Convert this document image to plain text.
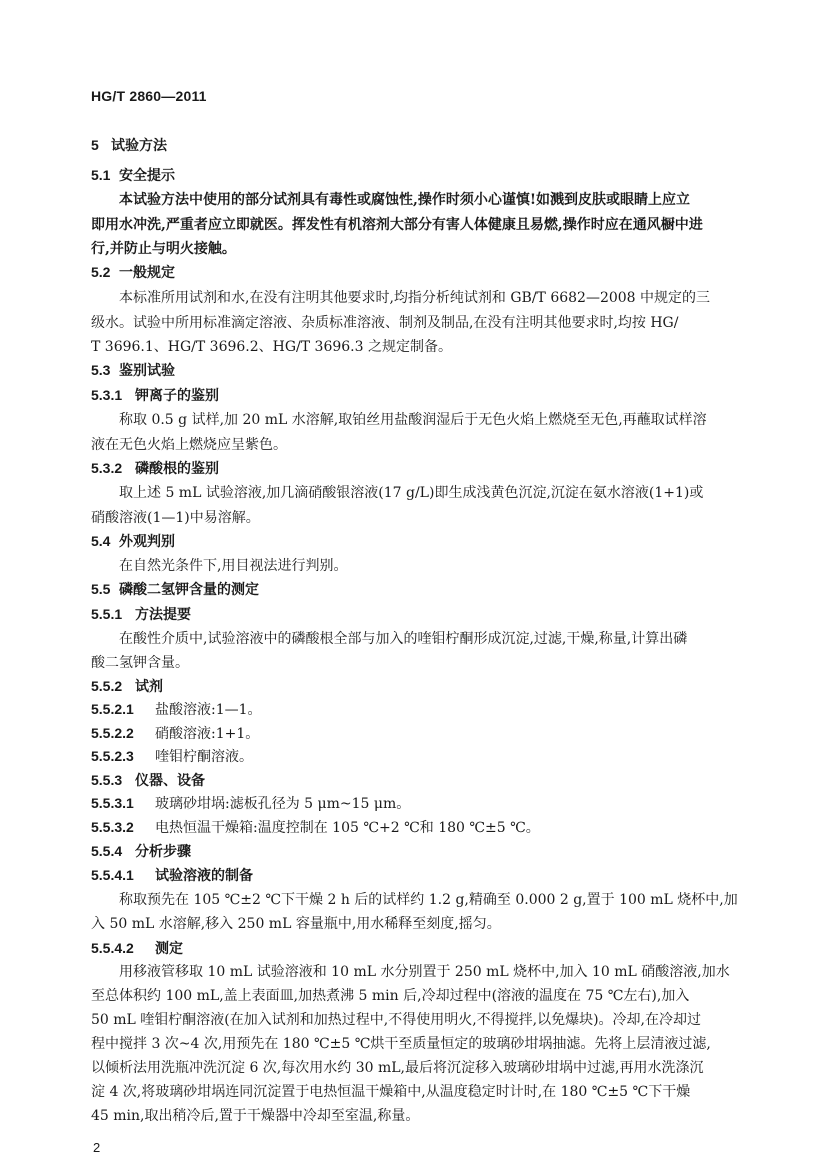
HG/T 2860—2011
5 试验方法
5.1 安全提示
本试验方法中使用的部分试剂具有毒性或腐蚀性,操作时须小心谨慎!如溅到皮肤或眼睛上应立
即用水冲洗,严重者应立即就医。挥发性有机溶剂大部分有害人体健康且易燃,操作时应在通风橱中进
行,并防止与明火接触。
5.2 一般规定
本标准所用试剂和水,在没有注明其他要求时,均指分析纯试剂和 GB/T 6682—2008 中规定的三
级水。试验中所用标准滴定溶液、杂质标准溶液、制剂及制品,在没有注明其他要求时,均按 HG/
T 3696.1、HG/T 3696.2、HG/T 3696.3 之规定制备。
5.3 鉴别试验
5.3.1 钾离子的鉴别
称取 0.5 g 试样,加 20 mL 水溶解,取铂丝用盐酸润湿后于无色火焰上燃烧至无色,再蘸取试样溶
液在无色火焰上燃烧应呈紫色。
5.3.2 磷酸根的鉴别
取上述 5 mL 试验溶液,加几滴硝酸银溶液(17 g/L)即生成浅黄色沉淀,沉淀在氨水溶液(1+1)或
硝酸溶液(1—1)中易溶解。
5.4 外观判别
在自然光条件下,用目视法进行判别。
5.5 磷酸二氢钾含量的测定
5.5.1 方法提要
在酸性介质中,试验溶液中的磷酸根全部与加入的喹钼柠酮形成沉淀,过滤,干燥,称量,计算出磷
酸二氢钾含量。
5.5.2 试剂
5.5.2.1 盐酸溶液:1—1。
5.5.2.2 硝酸溶液:1+1。
5.5.2.3 喹钼柠酮溶液。
5.5.3 仪器、设备
5.5.3.1 玻璃砂坩埚:滤板孔径为 5 μm~15 μm。
5.5.3.2 电热恒温干燥箱:温度控制在 105 ℃+2 ℃和 180 ℃±5 ℃。
5.5.4 分析步骤
5.5.4.1 试验溶液的制备
称取预先在 105 ℃±2 ℃下干燥 2 h 后的试样约 1.2 g,精确至 0.000 2 g,置于 100 mL 烧杯中,加
入 50 mL 水溶解,移入 250 mL 容量瓶中,用水稀释至刻度,摇匀。
5.5.4.2 测定
用移液管移取 10 mL 试验溶液和 10 mL 水分别置于 250 mL 烧杯中,加入 10 mL 硝酸溶液,加水
至总体积约 100 mL,盖上表面皿,加热煮沸 5 min 后,冷却过程中(溶液的温度在 75 ℃左右),加入
50 mL 喹钼柠酮溶液(在加入试剂和加热过程中,不得使用明火,不得搅拌,以免爆块)。冷却,在冷却过
程中搅拌 3 次~4 次,用预先在 180 ℃±5 ℃烘干至质量恒定的玻璃砂坩埚抽滤。先将上层清液过滤,
以倾析法用洗瓶冲洗沉淀 6 次,每次用水约 30 mL,最后将沉淀移入玻璃砂坩埚中过滤,再用水洗涤沉
淀 4 次,将玻璃砂坩埚连同沉淀置于电热恒温干燥箱中,从温度稳定时计时,在 180 ℃±5 ℃下干燥
45 min,取出稍冷后,置于干燥器中冷却至室温,称量。
2
